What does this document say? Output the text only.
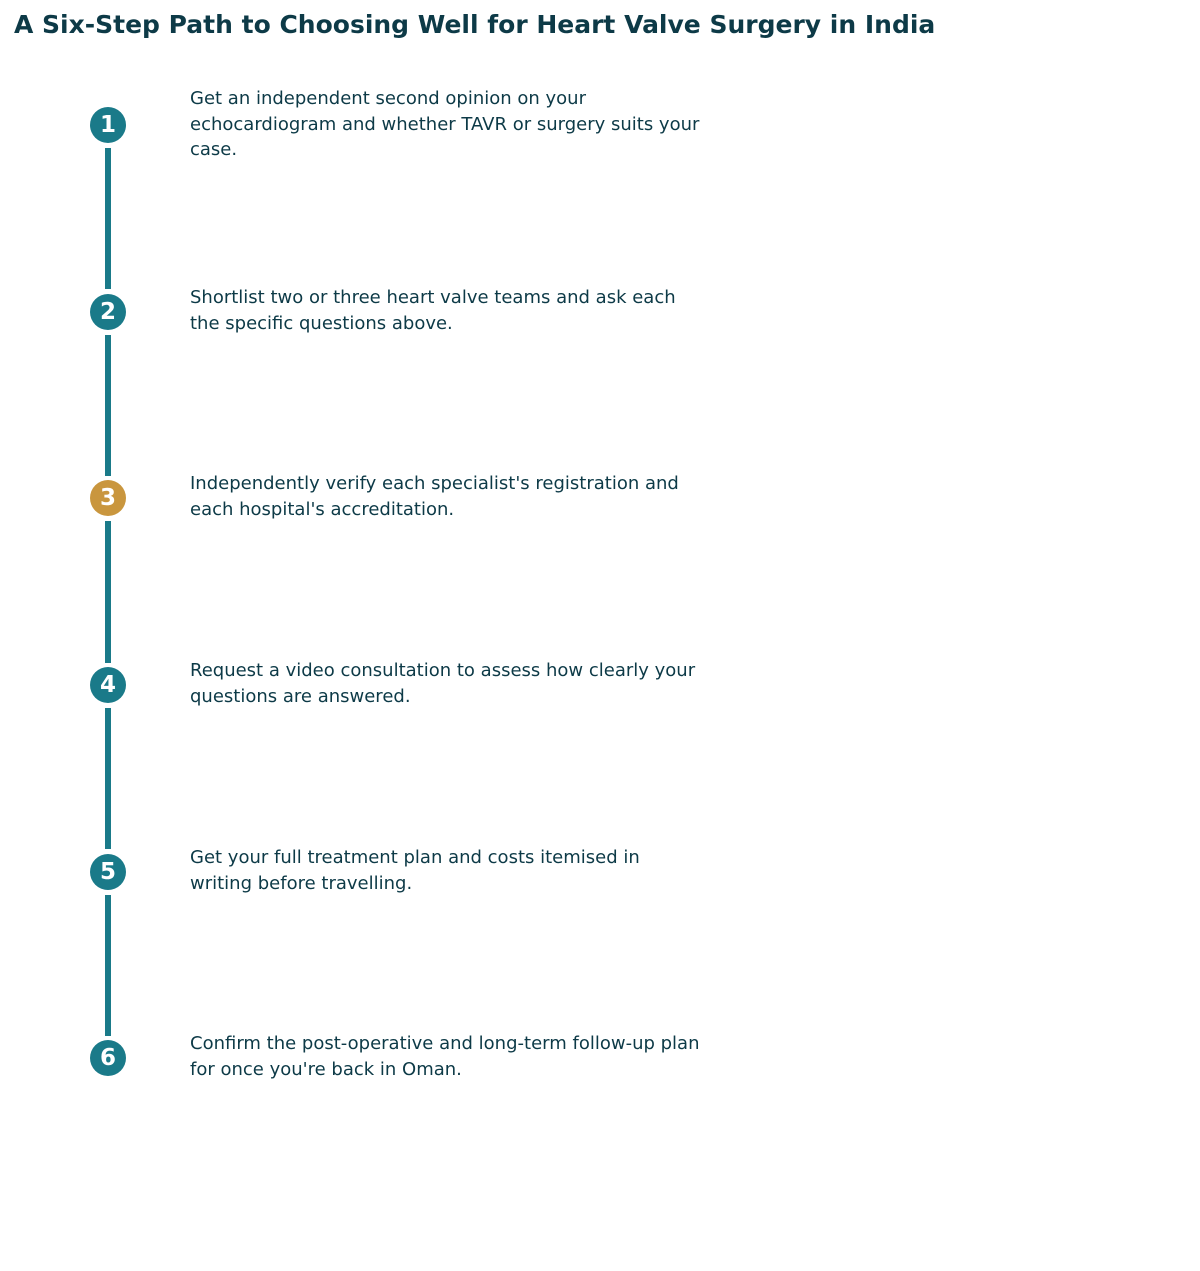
A Six-Step Path to Choosing Well for Heart Valve Surgery in India
1

Get an independent second opinion on your echocardiogram and whether TAVR or surgery suits your case.

2

Shortlist two or three heart valve teams and ask each the specific questions above.

3

Independently verify each specialist's registration and each hospital's accreditation.

4

Request a video consultation to assess how clearly your questions are answered.

5

Get your full treatment plan and costs itemised in writing before travelling.

6

Confirm the post-operative and long-term follow-up plan for once you're back in Oman.
